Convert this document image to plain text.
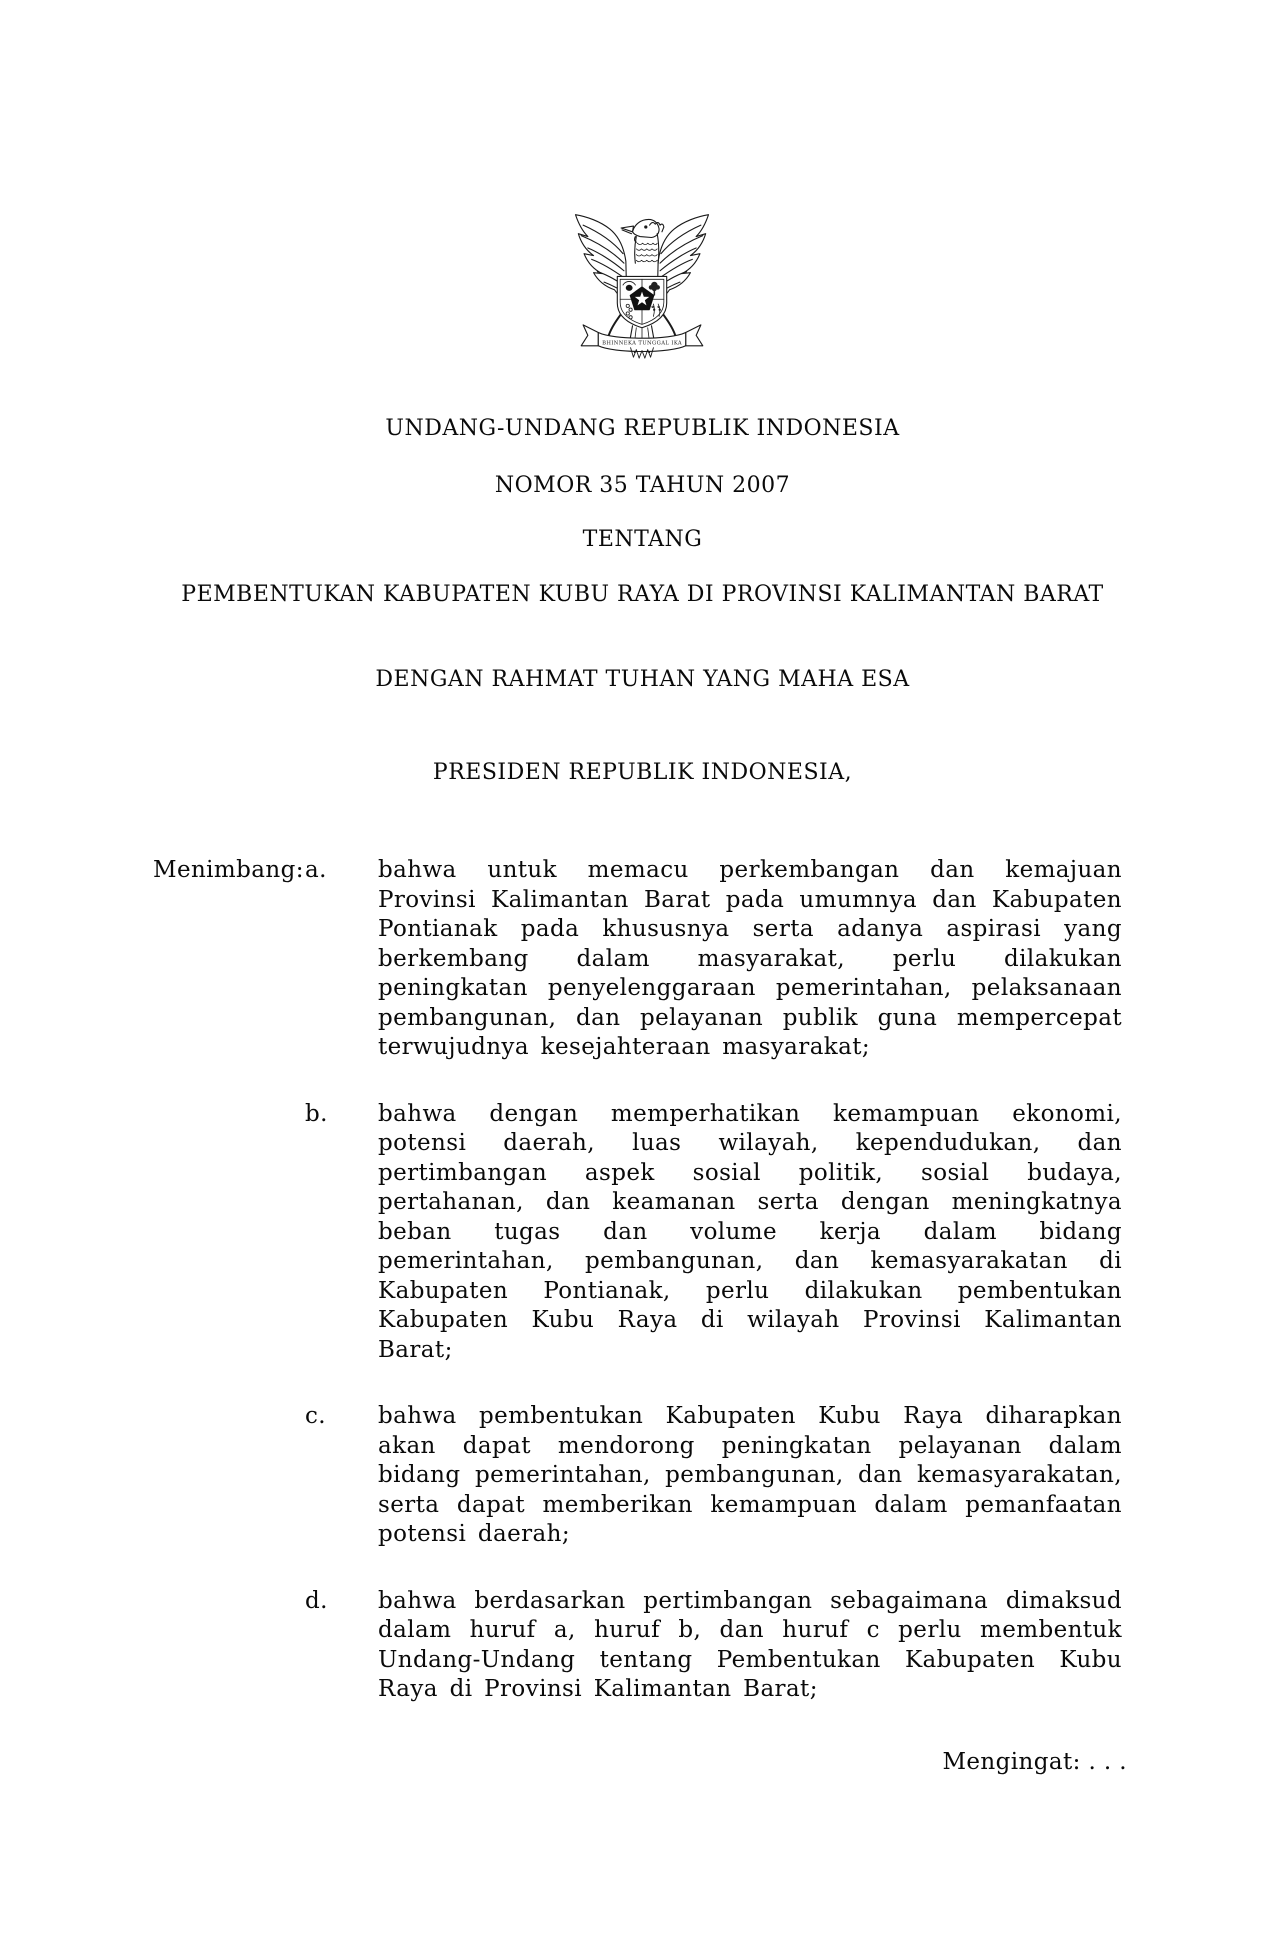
BHINNEKA TUNGGAL IKA
UNDANG-UNDANG REPUBLIK INDONESIA
NOMOR 35 TAHUN 2007
TENTANG
PEMBENTUKAN KABUPATEN KUBU RAYA DI PROVINSI KALIMANTAN BARAT
DENGAN RAHMAT TUHAN YANG MAHA ESA
PRESIDEN REPUBLIK INDONESIA,
Menimbang: a.	bahwa untuk memacu perkembangan dan kemajuan Provinsi Kalimantan Barat pada umumnya dan Kabupaten Pontianak pada khususnya serta adanya aspirasi yang berkembang dalam masyarakat, perlu dilakukan peningkatan penyelenggaraan pemerintahan, pelaksanaan pembangunan, dan pelayanan publik guna mempercepat terwujudnya kesejahteraan masyarakat;
b.	bahwa dengan memperhatikan kemampuan ekonomi, potensi daerah, luas wilayah, kependudukan, dan pertimbangan aspek sosial politik, sosial budaya, pertahanan, dan keamanan serta dengan meningkatnya beban tugas dan volume kerja dalam bidang pemerintahan, pembangunan, dan kemasyarakatan di Kabupaten Pontianak, perlu dilakukan pembentukan Kabupaten Kubu Raya di wilayah Provinsi Kalimantan Barat;
c.	bahwa pembentukan Kabupaten Kubu Raya diharapkan akan dapat mendorong peningkatan pelayanan dalam bidang pemerintahan, pembangunan, dan kemasyarakatan, serta dapat memberikan kemampuan dalam pemanfaatan potensi daerah;
d.	bahwa berdasarkan pertimbangan sebagaimana dimaksud dalam huruf a, huruf b, dan huruf c perlu membentuk Undang-Undang tentang Pembentukan Kabupaten Kubu Raya di Provinsi Kalimantan Barat;
Mengingat: . . .
